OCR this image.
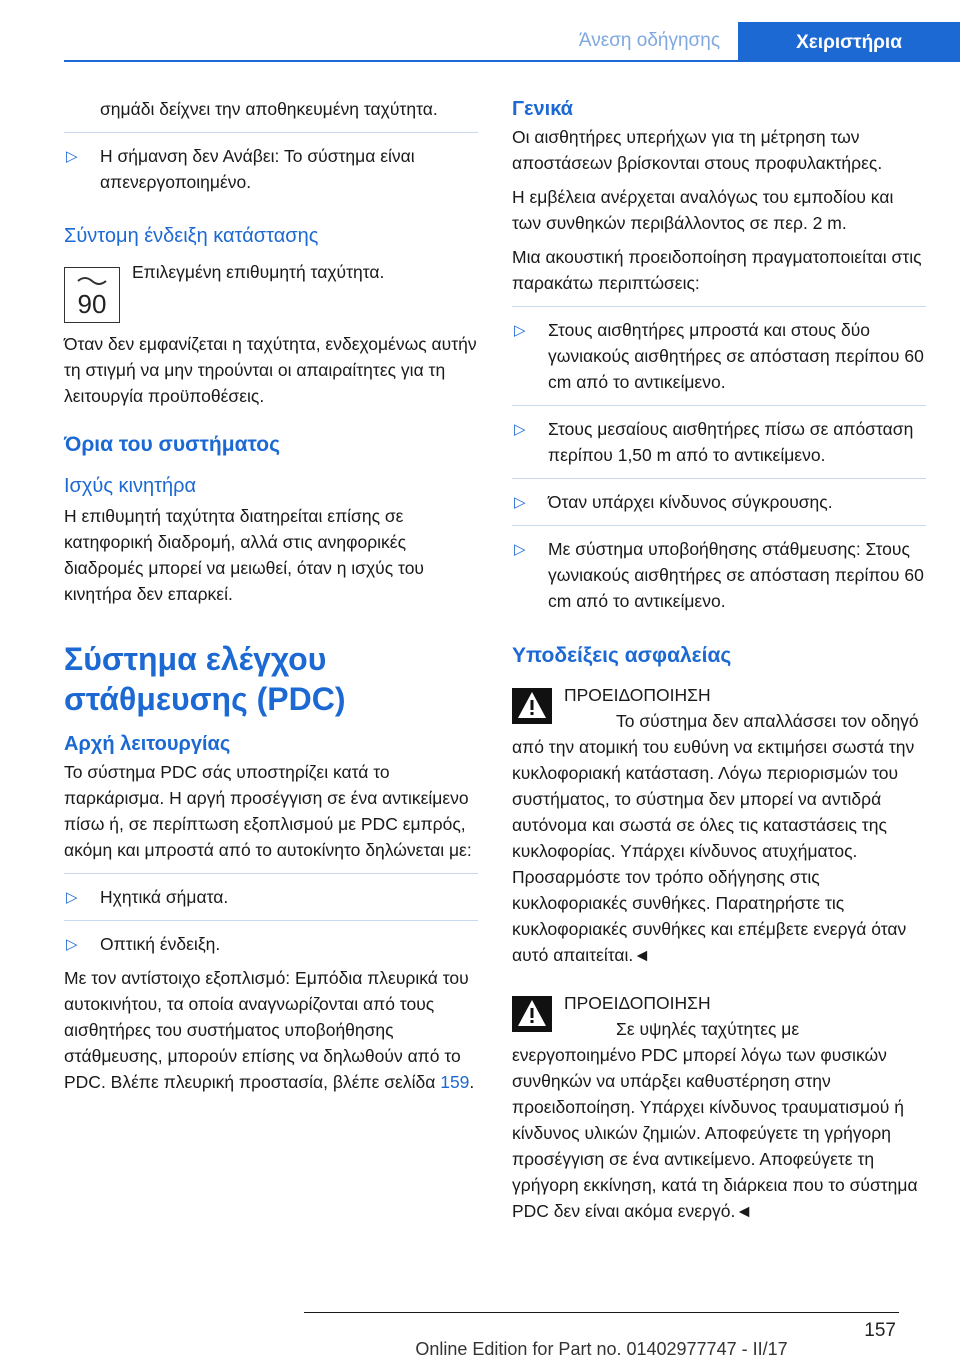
Άνεση οδήγησης	Χειριστήρια

σημάδι δείχνει την αποθηκευμένη ταχύτητα.

▷ Η σήμανση δεν Ανάβει: Το σύστημα είναι απενεργοποιημένο.
Σύντομη ένδειξη κατάστασης
90
Επιλεγμένη επιθυμητή ταχύτητα.

Όταν δεν εμφανίζεται η ταχύτητα, ενδεχομένως αυτήν τη στιγμή να μην τηρούνται οι απαιραίτητες για τη λειτουργία προϋποθέσεις.

Όρια του συστήματος
Ισχύς κινητήρα

Η επιθυμητή ταχύτητα διατηρείται επίσης σε κατηφορική διαδρομή, αλλά στις ανηφορικές διαδρομές μπορεί να μειωθεί, όταν η ισχύς του κινητήρα δεν επαρκεί.

Σύστημα ελέγχου στάθμευσης (PDC)
Αρχή λειτουργίας

Το σύστημα PDC σάς υποστηρίζει κατά το παρκάρισμα. Η αργή προσέγγιση σε ένα αντικείμενο πίσω ή, σε περίπτωση εξοπλισμού με PDC εμπρός, ακόμη και μπροστά από το αυτοκίνητο δηλώνεται με:

▷ Ηχητικά σήματα.
▷ Οπτική ένδειξη.

Με τον αντίστοιχο εξοπλισμό: Εμπόδια πλευρικά του αυτοκινήτου, τα οποία αναγνωρίζονται από τους αισθητήρες του συστήματος υποβοήθησης στάθμευσης, μπορούν επίσης να δηλωθούν από το PDC. Βλέπε πλευρική προστασία, βλέπε σελίδα 159.

Γενικά

Οι αισθητήρες υπερήχων για τη μέτρηση των αποστάσεων βρίσκονται στους προφυλακτήρες.

Η εμβέλεια ανέρχεται αναλόγως του εμποδίου και των συνθηκών περιβάλλοντος σε περ. 2 m.

Μια ακουστική προειδοποίηση πραγματοποιείται στις παρακάτω περιπτώσεις:

▷ Στους αισθητήρες μπροστά και στους δύο γωνιακούς αισθητήρες σε απόσταση περίπου 60 cm από το αντικείμενο.
▷ Στους μεσαίους αισθητήρες πίσω σε απόσταση περίπου 1,50 m από το αντικείμενο.
▷ Όταν υπάρχει κίνδυνος σύγκρουσης.
▷ Με σύστημα υποβοήθησης στάθμευσης: Στους γωνιακούς αισθητήρες σε απόσταση περίπου 60 cm από το αντικείμενο.
Υποδείξεις ασφαλείας

ΠΡΟΕΙΔΟΠΟΙΗΣΗ

Το σύστημα δεν απαλλάσσει τον οδηγό από την ατομική του ευθύνη να εκτιμήσει σωστά την κυκλοφοριακή κατάσταση. Λόγω περιορισμών του συστήματος, το σύστημα δεν μπορεί να αντιδρά αυτόνομα και σωστά σε όλες τις καταστάσεις της κυκλοφορίας. Υπάρχει κίνδυνος ατυχήματος. Προσαρμόστε τον τρόπο οδήγησης στις κυκλοφοριακές συνθήκες. Παρατηρήστε τις κυκλοφοριακές συνθήκες και επέμβετε ενεργά όταν αυτό απαιτείται.◄

ΠΡΟΕΙΔΟΠΟΙΗΣΗ

Σε υψηλές ταχύτητες με ενεργοποιημένο PDC μπορεί λόγω των φυσικών συνθηκών να υπάρξει καθυστέρηση στην προειδοποίηση. Υπάρχει κίνδυνος τραυματισμού ή κίνδυνος υλικών ζημιών. Αποφεύγετε τη γρήγορη προσέγγιση σε ένα αντικείμενο. Αποφεύγετε τη γρήγορη εκκίνηση, κατά τη διάρκεια που το σύστημα PDC δεν είναι ακόμα ενεργό.◄

157
Online Edition for Part no. 01402977747 - II/17
